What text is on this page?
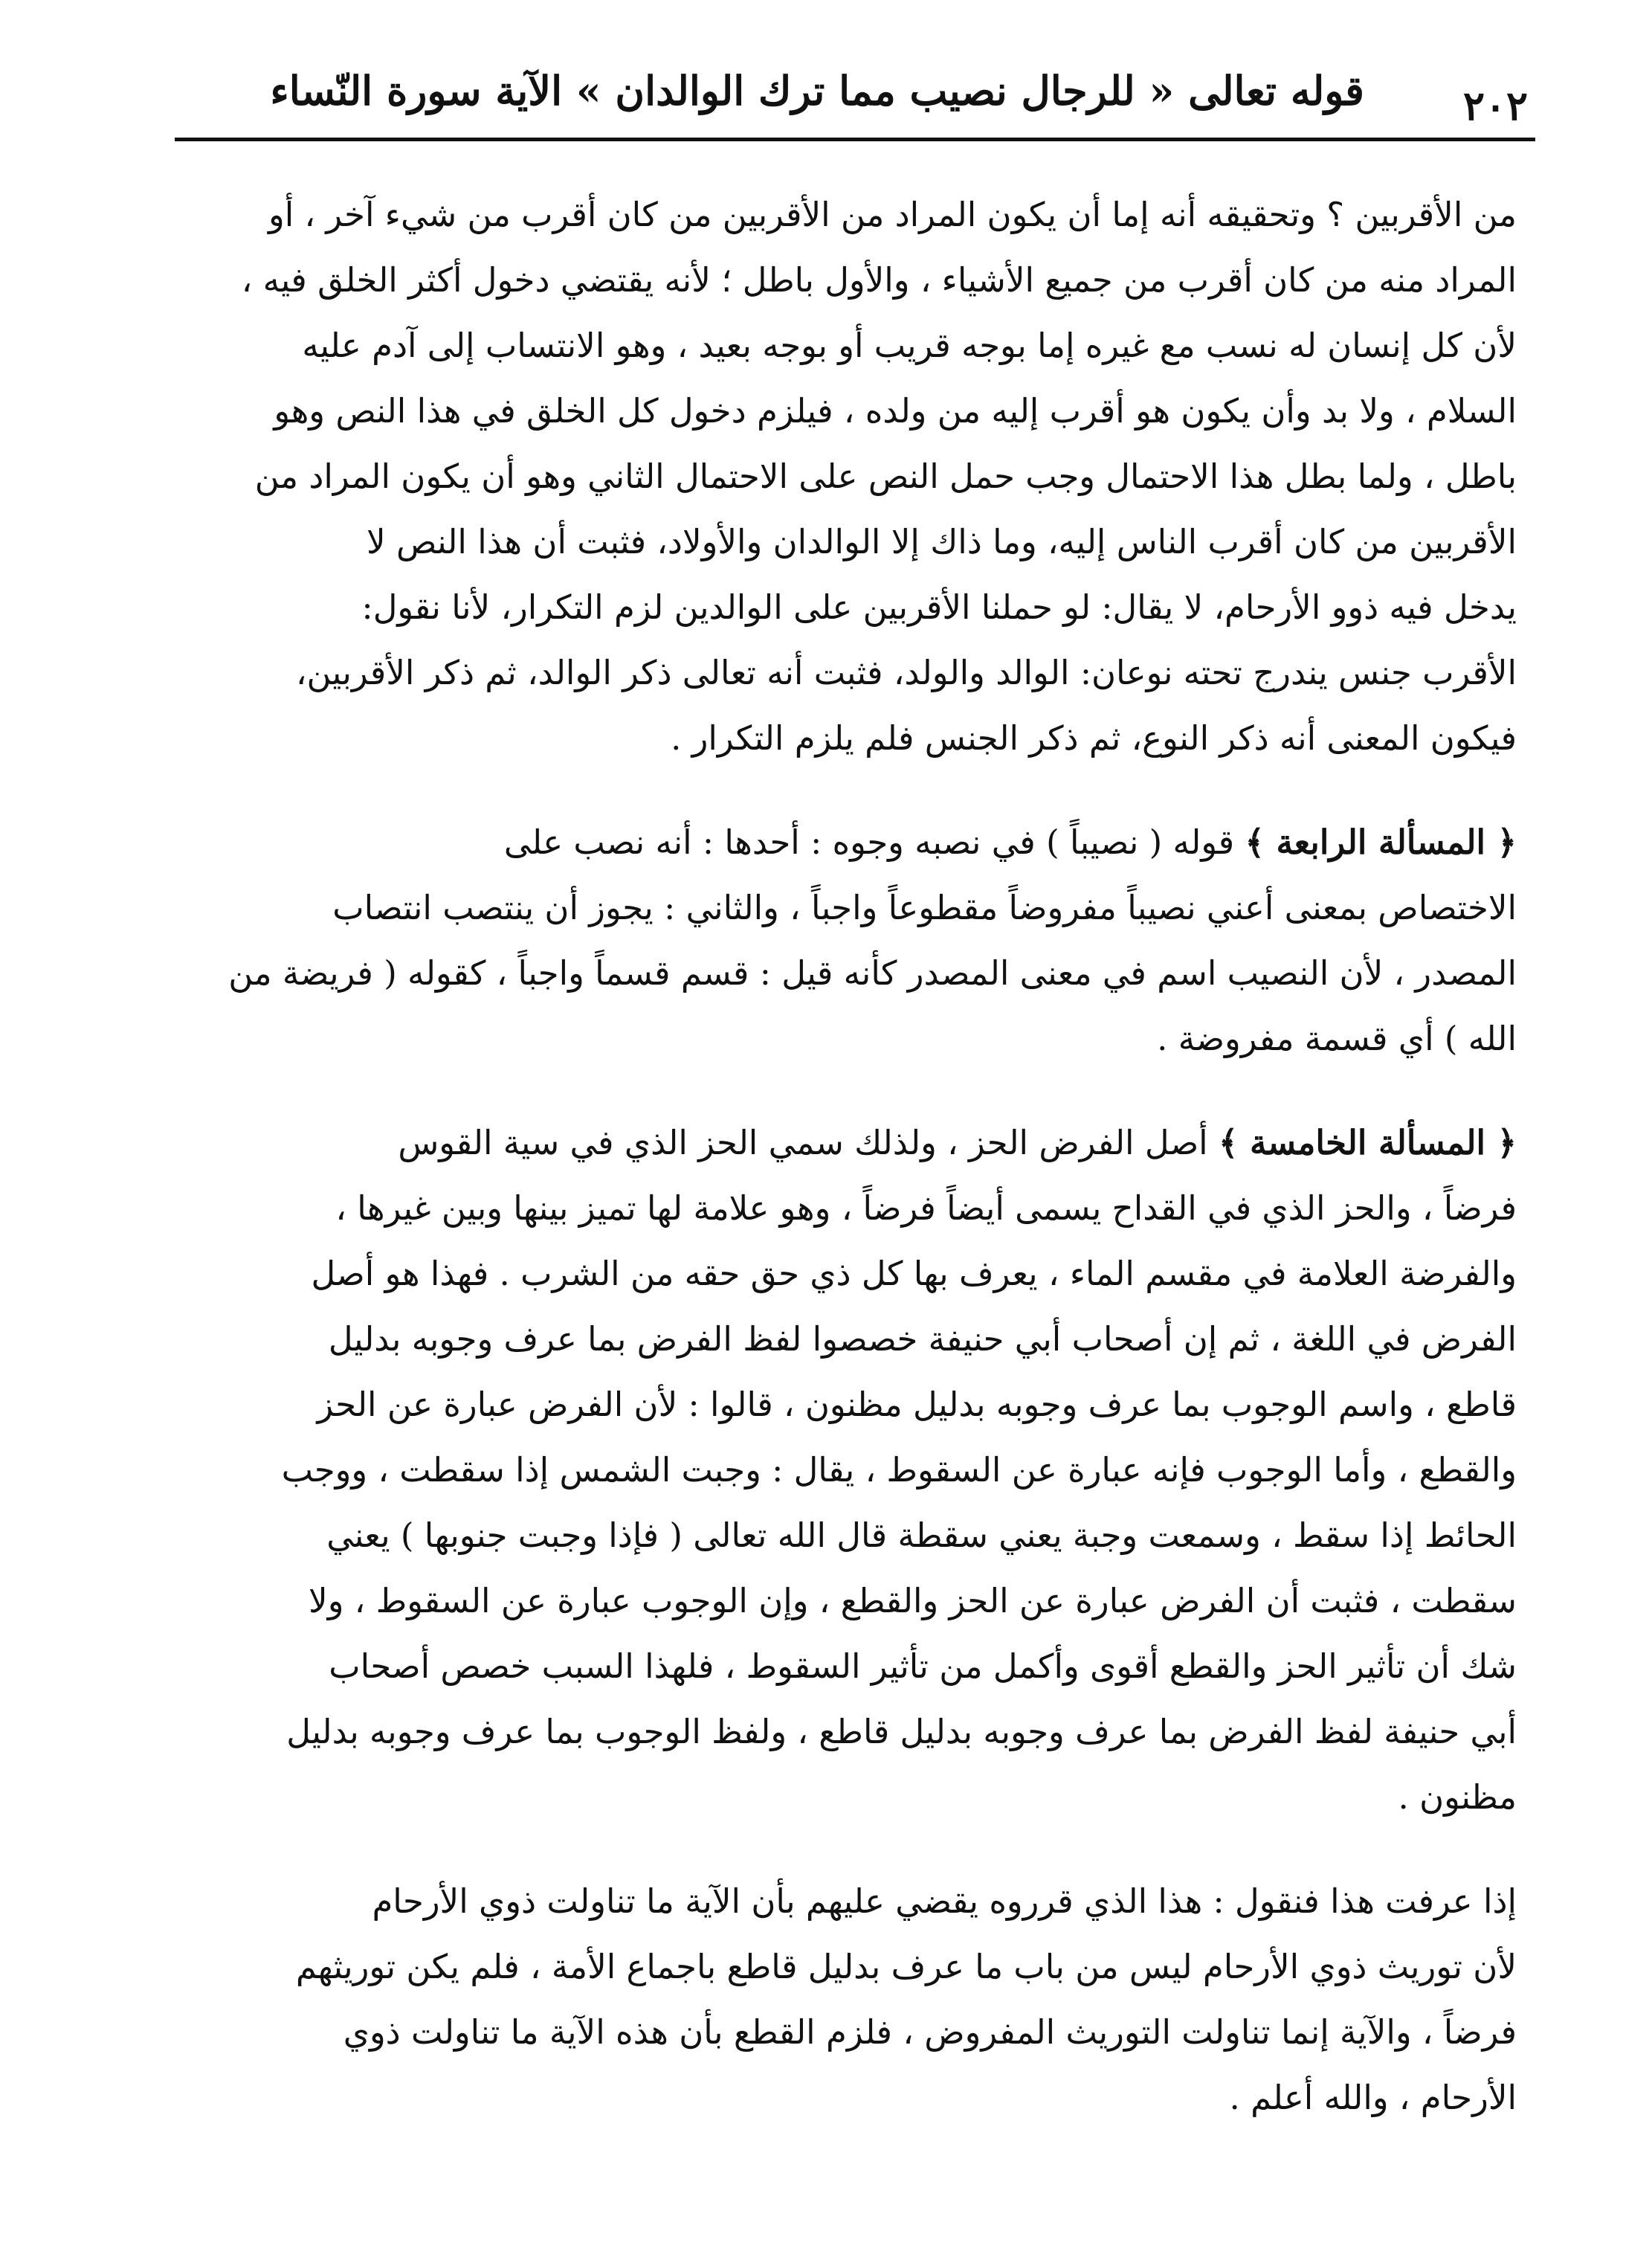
٢٠٢
قوله تعالى « للرجال نصيب مما ترك الوالدان » الآية سورة النّساء
من الأقربين ؟ وتحقيقه أنه إما أن يكون المراد من الأقربين من كان أقرب من شيء آخر ، أو
المراد منه من كان أقرب من جميع الأشياء ، والأول باطل ؛ لأنه يقتضي دخول أكثر الخلق فيه ،
لأن كل إنسان له نسب مع غيره إما بوجه قريب أو بوجه بعيد ، وهو الانتساب إلى آدم عليه
السلام ، ولا بد وأن يكون هو أقرب إليه من ولده ، فيلزم دخول كل الخلق في هذا النص وهو
باطل ، ولما بطل هذا الاحتمال وجب حمل النص على الاحتمال الثاني وهو أن يكون المراد من
الأقربين من كان أقرب الناس إليه، وما ذاك إلا الوالدان والأولاد، فثبت أن هذا النص لا
يدخل فيه ذوو الأرحام، لا يقال: لو حملنا الأقربين على الوالدين لزم التكرار، لأنا نقول:
الأقرب جنس يندرج تحته نوعان: الوالد والولد، فثبت أنه تعالى ذكر الوالد، ثم ذكر الأقربين،
فيكون المعنى أنه ذكر النوع، ثم ذكر الجنس فلم يلزم التكرار .
﴿ المسألة الرابعة ﴾ قوله ( نصيباً ) في نصبه وجوه : أحدها : أنه نصب على
الاختصاص بمعنى أعني نصيباً مفروضاً مقطوعاً واجباً ، والثاني : يجوز أن ينتصب انتصاب
المصدر ، لأن النصيب اسم في معنى المصدر كأنه قيل : قسم قسماً واجباً ، كقوله ( فريضة من
الله ) أي قسمة مفروضة .
﴿ المسألة الخامسة ﴾ أصل الفرض الحز ، ولذلك سمي الحز الذي في سية القوس
فرضاً ، والحز الذي في القداح يسمى أيضاً فرضاً ، وهو علامة لها تميز بينها وبين غيرها ،
والفرضة العلامة في مقسم الماء ، يعرف بها كل ذي حق حقه من الشرب . فهذا هو أصل
الفرض في اللغة ، ثم إن أصحاب أبي حنيفة خصصوا لفظ الفرض بما عرف وجوبه بدليل
قاطع ، واسم الوجوب بما عرف وجوبه بدليل مظنون ، قالوا : لأن الفرض عبارة عن الحز
والقطع ، وأما الوجوب فإنه عبارة عن السقوط ، يقال : وجبت الشمس إذا سقطت ، ووجب
الحائط إذا سقط ، وسمعت وجبة يعني سقطة قال الله تعالى ( فإذا وجبت جنوبها ) يعني
سقطت ، فثبت أن الفرض عبارة عن الحز والقطع ، وإن الوجوب عبارة عن السقوط ، ولا
شك أن تأثير الحز والقطع أقوى وأكمل من تأثير السقوط ، فلهذا السبب خصص أصحاب
أبي حنيفة لفظ الفرض بما عرف وجوبه بدليل قاطع ، ولفظ الوجوب بما عرف وجوبه بدليل
مظنون .
إذا عرفت هذا فنقول : هذا الذي قرروه يقضي عليهم بأن الآية ما تناولت ذوي الأرحام
لأن توريث ذوي الأرحام ليس من باب ما عرف بدليل قاطع باجماع الأمة ، فلم يكن توريثهم
فرضاً ، والآية إنما تناولت التوريث المفروض ، فلزم القطع بأن هذه الآية ما تناولت ذوي
الأرحام ، والله أعلم .
